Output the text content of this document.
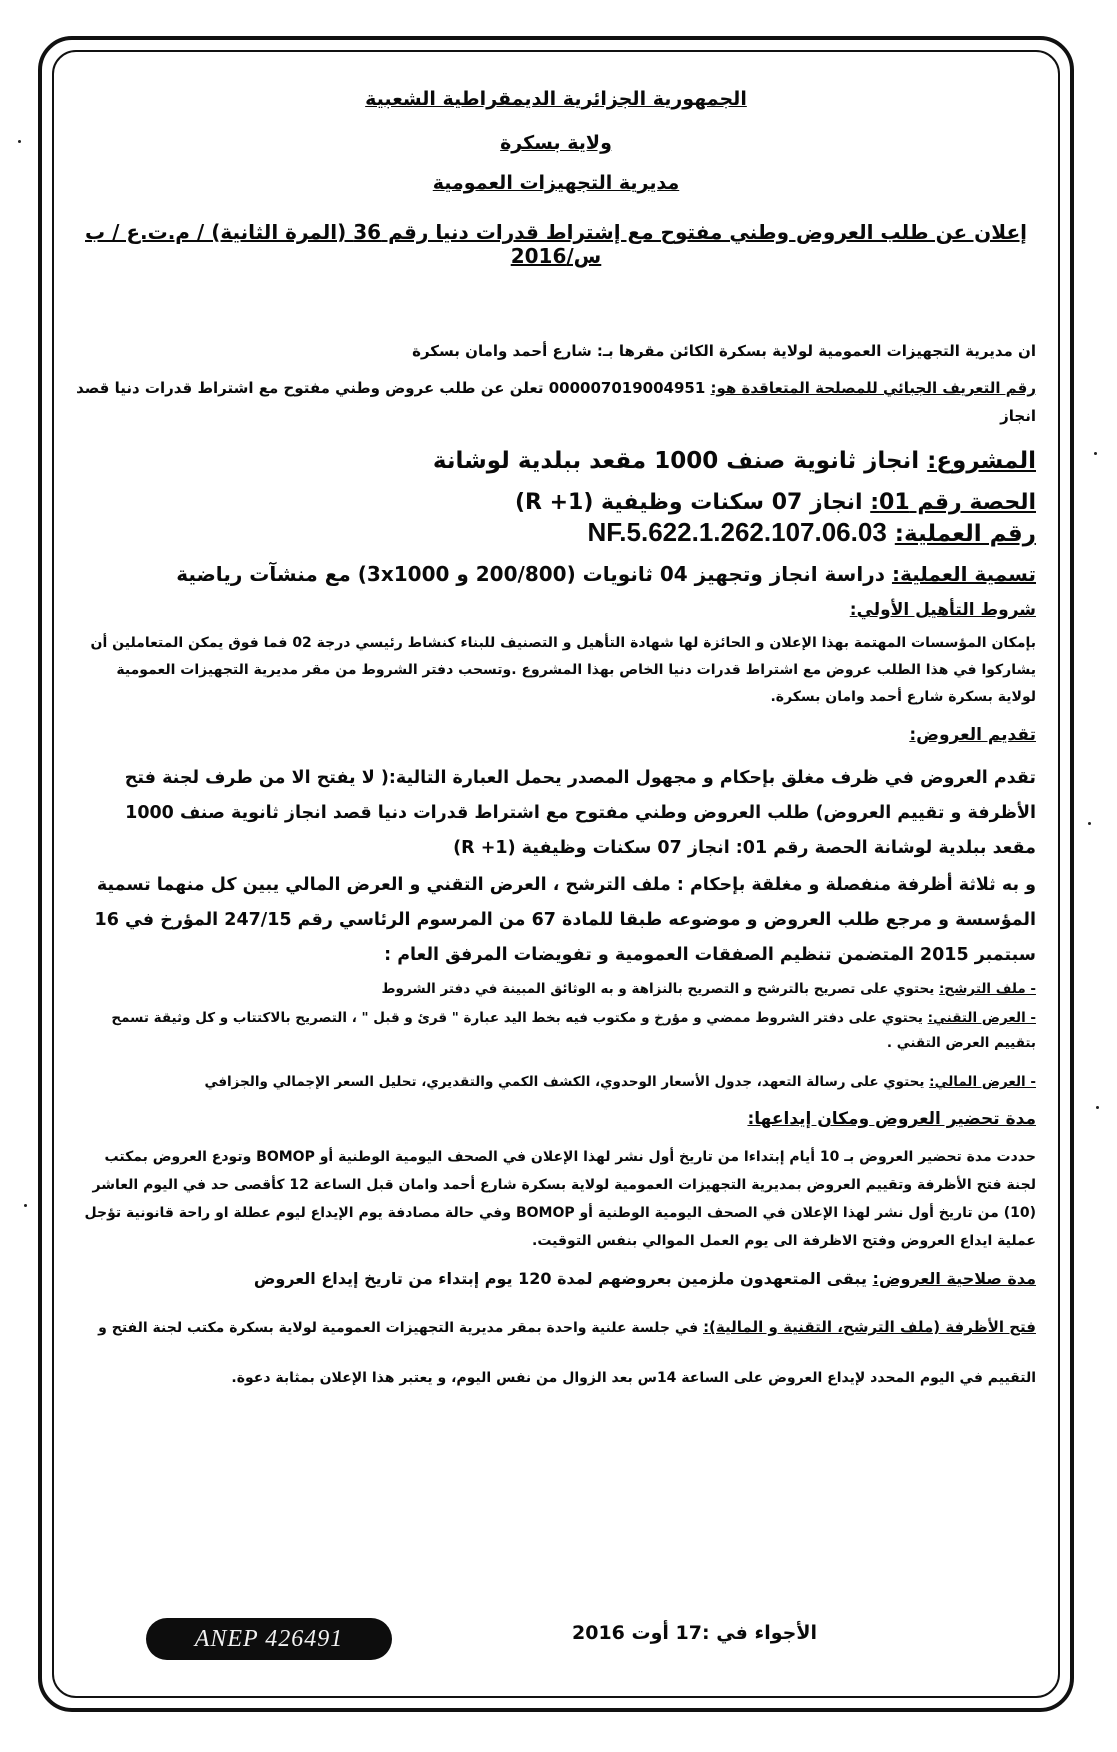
الجمهورية الجزائرية الديمقراطية الشعبية

ولاية بسكرة

مديرية التجهيزات العمومية

إعلان عن طلب العروض وطني مفتوح مع إشتراط قدرات دنيا رقم 36 (المرة الثانية) / م.ت.ع / ب س/2016

ان مديرية التجهيزات العمومية لولاية بسكرة الكائن مقرها بـ: شارع أحمد وامان بسكرة

رقم التعريف الجبائي للمصلحة المتعاقدة هو: 000007019004951 تعلن عن طلب عروض وطني مفتوح مع اشتراط قدرات دنيا قصد انجاز

المشروع: انجاز ثانوية صنف 1000 مقعد ببلدية لوشانة

الحصة رقم 01: انجاز 07 سكنات وظيفية (R +1)

رقم العملية: NF.5.622.1.262.107.06.03

تسمية العملية: دراسة انجاز وتجهيز 04 ثانويات (200/800 و 3x1000) مع منشآت رياضية

شروط التأهيل الأولي:

بإمكان المؤسسات المهتمة بهذا الإعلان و الحائزة لها شهادة التأهيل و التصنيف للبناء كنشاط رئيسي درجة 02 فما فوق يمكن المتعاملين أن يشاركوا في هذا الطلب عروض مع اشتراط قدرات دنيا الخاص بهذا المشروع .وتسحب دفتر الشروط من مقر مديرية التجهيزات العمومية لولاية بسكرة شارع أحمد وامان بسكرة.

تقديم العروض:

تقدم العروض في ظرف مغلق بإحكام و مجهول المصدر يحمل العبارة التالية:( لا يفتح الا من طرف لجنة فتح الأظرفة و تقييم العروض) طلب العروض وطني مفتوح مع اشتراط قدرات دنيا قصد انجاز ثانوية صنف 1000 مقعد ببلدية لوشانة الحصة رقم 01: انجاز 07 سكنات وظيفية (R +1)

و به ثلاثة أظرفة منفصلة و مغلقة بإحكام : ملف الترشح ، العرض التقني و العرض المالي يبين كل منهما تسمية المؤسسة و مرجع طلب العروض و موضوعه طبقا للمادة 67 من المرسوم الرئاسي رقم 247/15 المؤرخ في 16 سبتمبر 2015 المتضمن تنظيم الصفقات العمومية و تفويضات المرفق العام :

- ملف الترشح: يحتوي على تصريح بالترشح و التصريح بالنزاهة و به الوثائق المبينة في دفتر الشروط

- العرض التقني: يحتوي على دفتر الشروط ممضي و مؤرخ و مكتوب فيه بخط اليد عبارة " قرئ و قبل " ، التصريح بالاكتتاب و كل وثيقة تسمح بتقييم العرض التقني .

- العرض المالي: يحتوي على رسالة التعهد، جدول الأسعار الوحدوي، الكشف الكمي والتقديري، تحليل السعر الإجمالي والجزافي

مدة تحضير العروض ومكان إيداعها:

حددت مدة تحضير العروض بـ 10 أيام إبتداءا من تاريخ أول نشر لهذا الإعلان في الصحف اليومية الوطنية أو BOMOP وتودع العروض بمكتب لجنة فتح الأظرفة وتقييم العروض بمديرية التجهيزات العمومية لولاية بسكرة شارع أحمد وامان قبل الساعة 12 كأقصى حد في اليوم العاشر (10) من تاريخ أول نشر لهذا الإعلان في الصحف اليومية الوطنية أو BOMOP وفي حالة مصادفة يوم الإيداع ليوم عطلة او راحة قانونية تؤجل عملية ايداع العروض وفتح الاظرفة الى يوم العمل الموالي بنفس التوقيت.

مدة صلاحية العروض: يبقى المتعهدون ملزمين بعروضهم لمدة 120 يوم إبتداء من تاريخ إيداع العروض

فتح الأظرفة (ملف الترشح، التقنية و المالية): في جلسة علنية واحدة بمقر مديرية التجهيزات العمومية لولاية بسكرة مكتب لجنة الفتح و التقييم في اليوم المحدد لإيداع العروض على الساعة 14س بعد الزوال من نفس اليوم، و يعتبر هذا الإعلان بمثابة دعوة.

الأجواء في :17 أوت 2016
ANEP 426491
